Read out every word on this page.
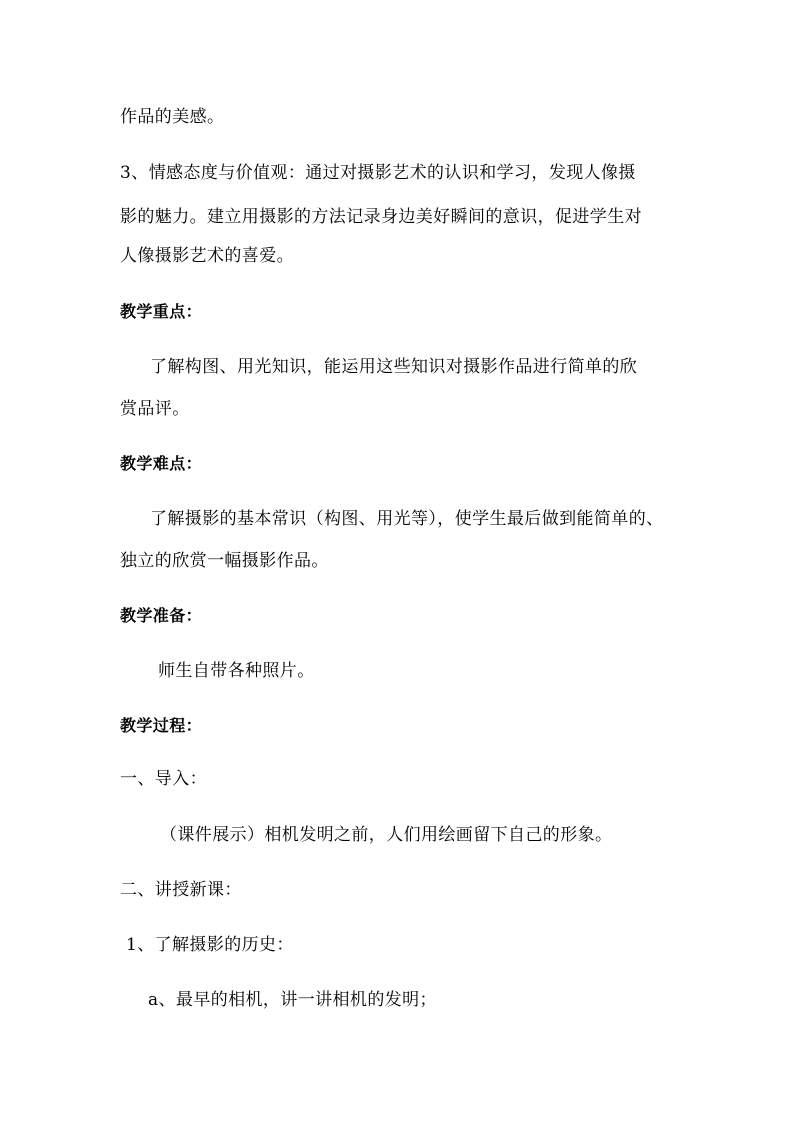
作品的美感。
3、情感态度与价值观：通过对摄影艺术的认识和学习，发现人像摄
影的魅力。建立用摄影的方法记录身边美好瞬间的意识，促进学生对
人像摄影艺术的喜爱。
教学重点：
了解构图、用光知识，能运用这些知识对摄影作品进行简单的欣
赏品评。
教学难点：
了解摄影的基本常识（构图、用光等），使学生最后做到能简单的、
独立的欣赏一幅摄影作品。
教学准备：
师生自带各种照片。
教学过程：
一、导入：
（课件展示）相机发明之前，人们用绘画留下自己的形象。
二、讲授新课：
1、了解摄影的历史：
a、最早的相机，讲一讲相机的发明；
